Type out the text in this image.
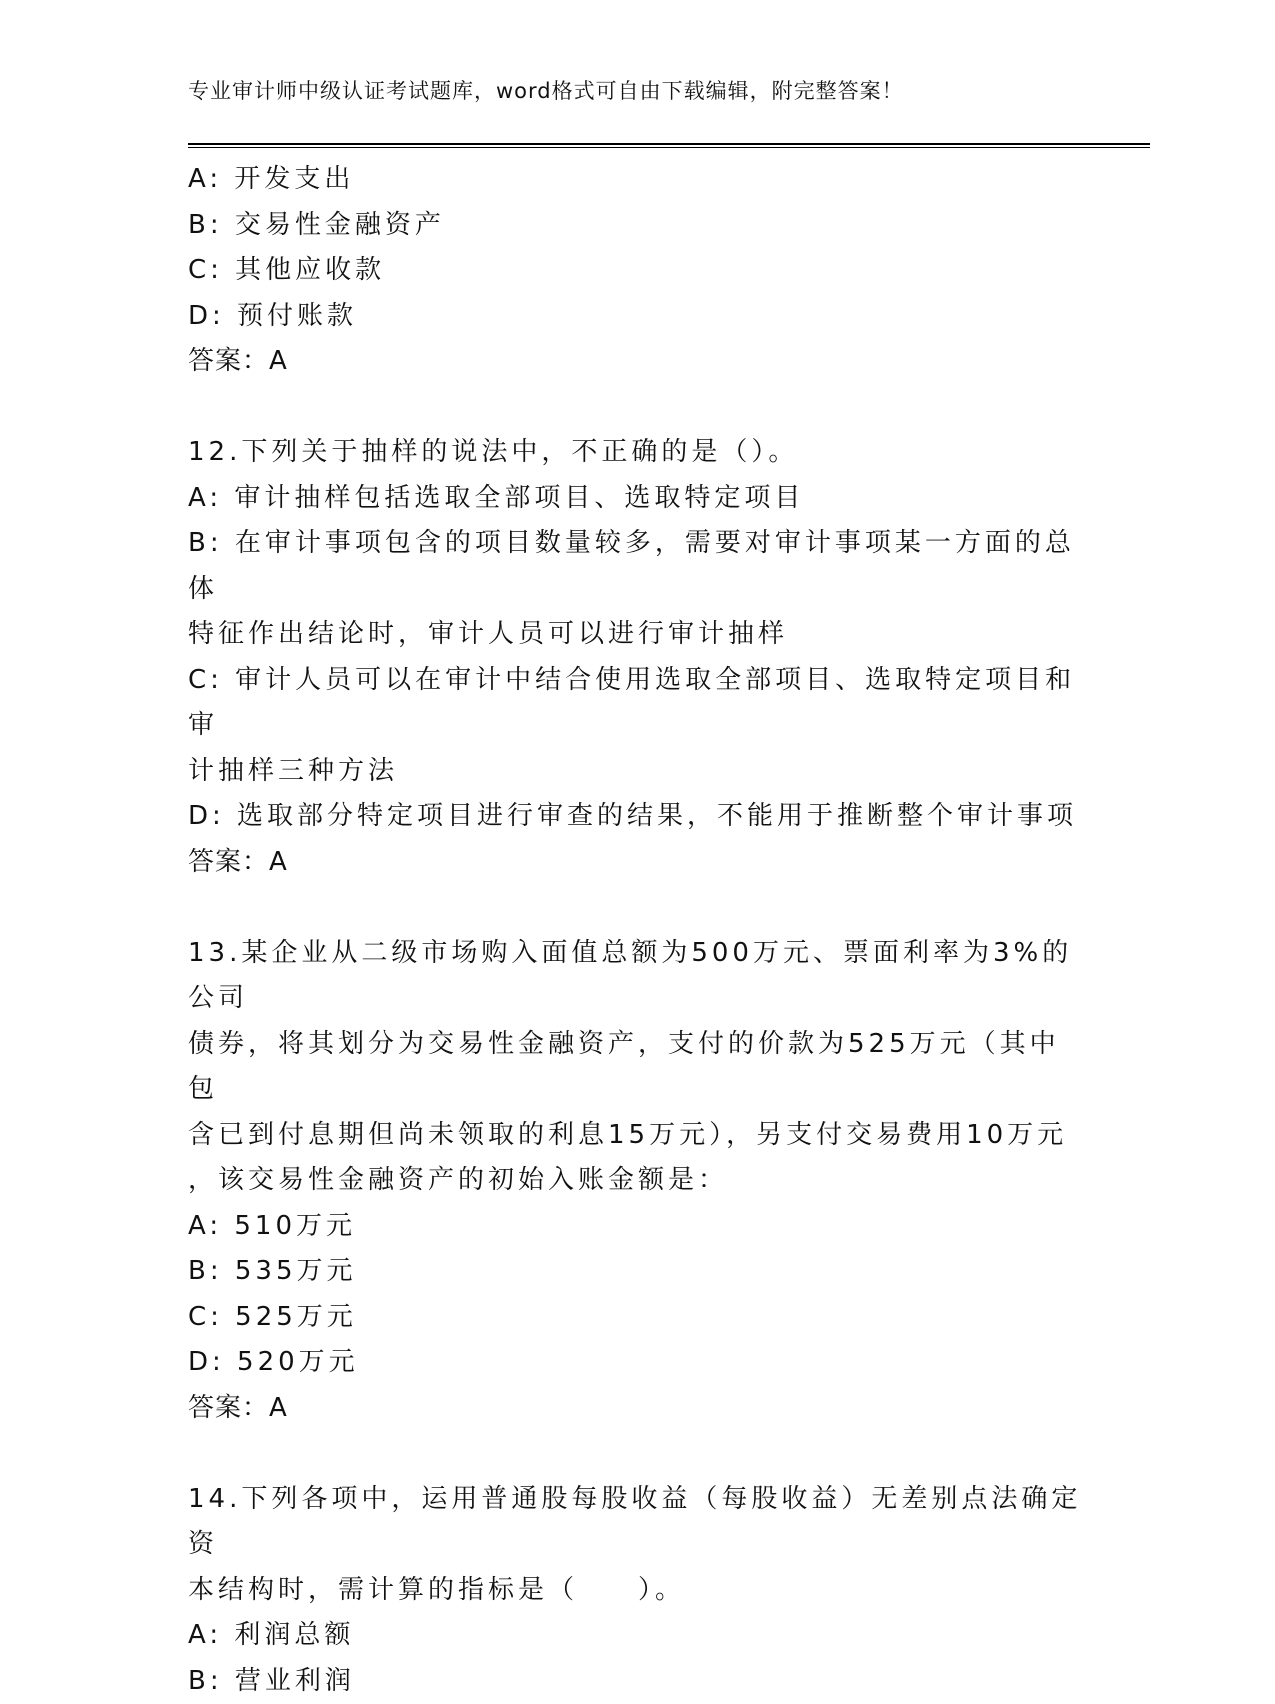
专业审计师中级认证考试题库，word格式可自由下载编辑，附完整答案！
A: 开发支出
B: 交易性金融资产
C: 其他应收款
D: 预付账款
答案：A
12.下列关于抽样的说法中，不正确的是（）。
A: 审计抽样包括选取全部项目、选取特定项目
B: 在审计事项包含的项目数量较多，需要对审计事项某一方面的总体
特征作出结论时，审计人员可以进行审计抽样
C: 审计人员可以在审计中结合使用选取全部项目、选取特定项目和审
计抽样三种方法
D: 选取部分特定项目进行审查的结果，不能用于推断整个审计事项
答案：A
13.某企业从二级市场购入面值总额为500万元、票面利率为3%的公司
债券，将其划分为交易性金融资产，支付的价款为525万元（其中包
含已到付息期但尚未领取的利息15万元），另支付交易费用10万元
，该交易性金融资产的初始入账金额是：
A: 510万元
B: 535万元
C: 525万元
D: 520万元
答案：A
14.下列各项中，运用普通股每股收益（每股收益）无差别点法确定资
本结构时，需计算的指标是（　　）。
A: 利润总额
B: 营业利润
